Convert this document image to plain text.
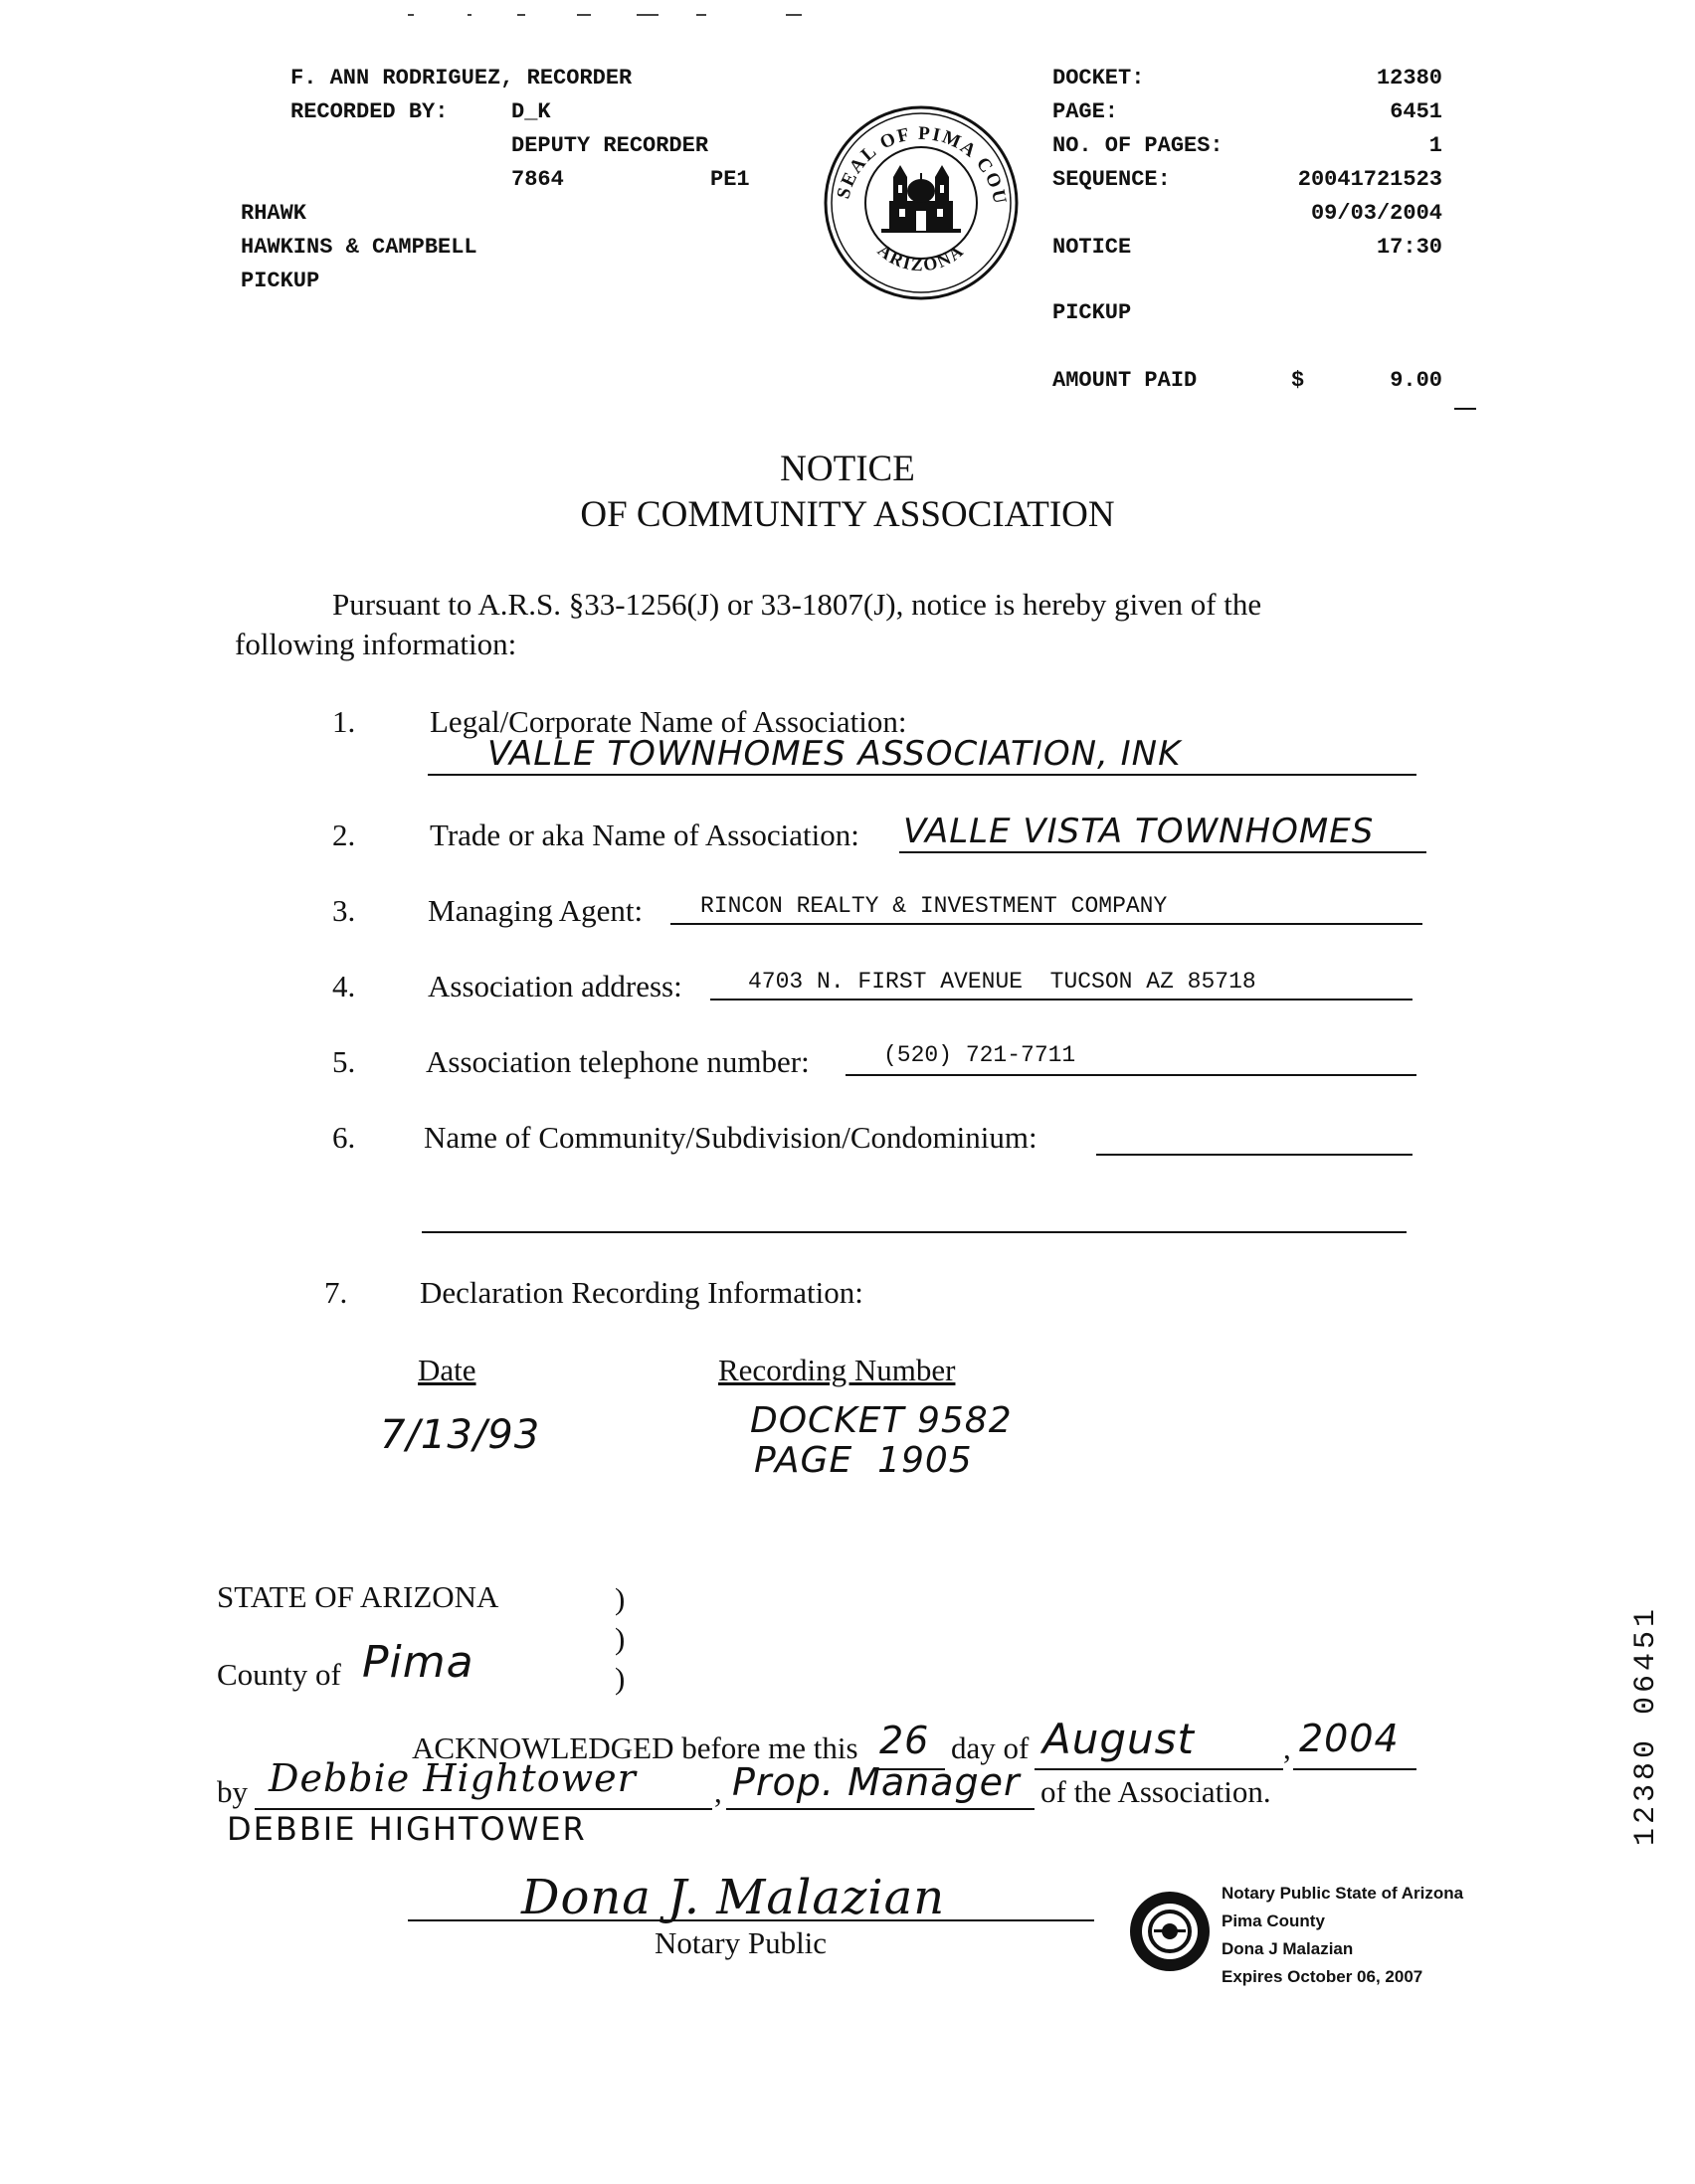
F. ANN RODRIGUEZ, RECORDER
RECORDED BY:	D_K
DEPUTY RECORDER
7864	PE1
RHAWK
HAWKINS & CAMPBELL
PICKUP
SEAL OF PIMA COU
ARIZONA
DOCKET:	12380
PAGE:	6451
NO. OF PAGES:	1
SEQUENCE:	20041721523
09/03/2004
NOTICE	17:30
PICKUP
AMOUNT PAID	$	9.00
NOTICE
OF COMMUNITY ASSOCIATION
Pursuant to A.R.S. §33-1256(J) or 33-1807(J), notice is hereby given of the
following information:
1. Legal/Corporate Name of Association:
VALLE TOWNHOMES ASSOCIATION, INK
2. Trade or aka Name of Association: VALLE VISTA TOWNHOMES
3. Managing Agent:	RINCON REALTY & INVESTMENT COMPANY
4. Association address:	4703 N. FIRST AVENUE  TUCSON AZ 85718
5. Association telephone number:	(520) 721-7711
6. Name of Community/Subdivision/Condominium:
7. Declaration Recording Information:
Date	Recording Number
7/13/93	DOCKET 9582
PAGE  1905
STATE OF ARIZONA	)
)
)
County of Pima
ACKNOWLEDGED before me this 26 day of August	, 2004
by Debbie Hightower	, Prop. Manager of the Association.
DEBBIE HIGHTOWER
Dona J. Malazian
Notary Public
Notary Public State of Arizona
Pima County
Dona J Malazian
Expires October 06, 2007
12380 06451
